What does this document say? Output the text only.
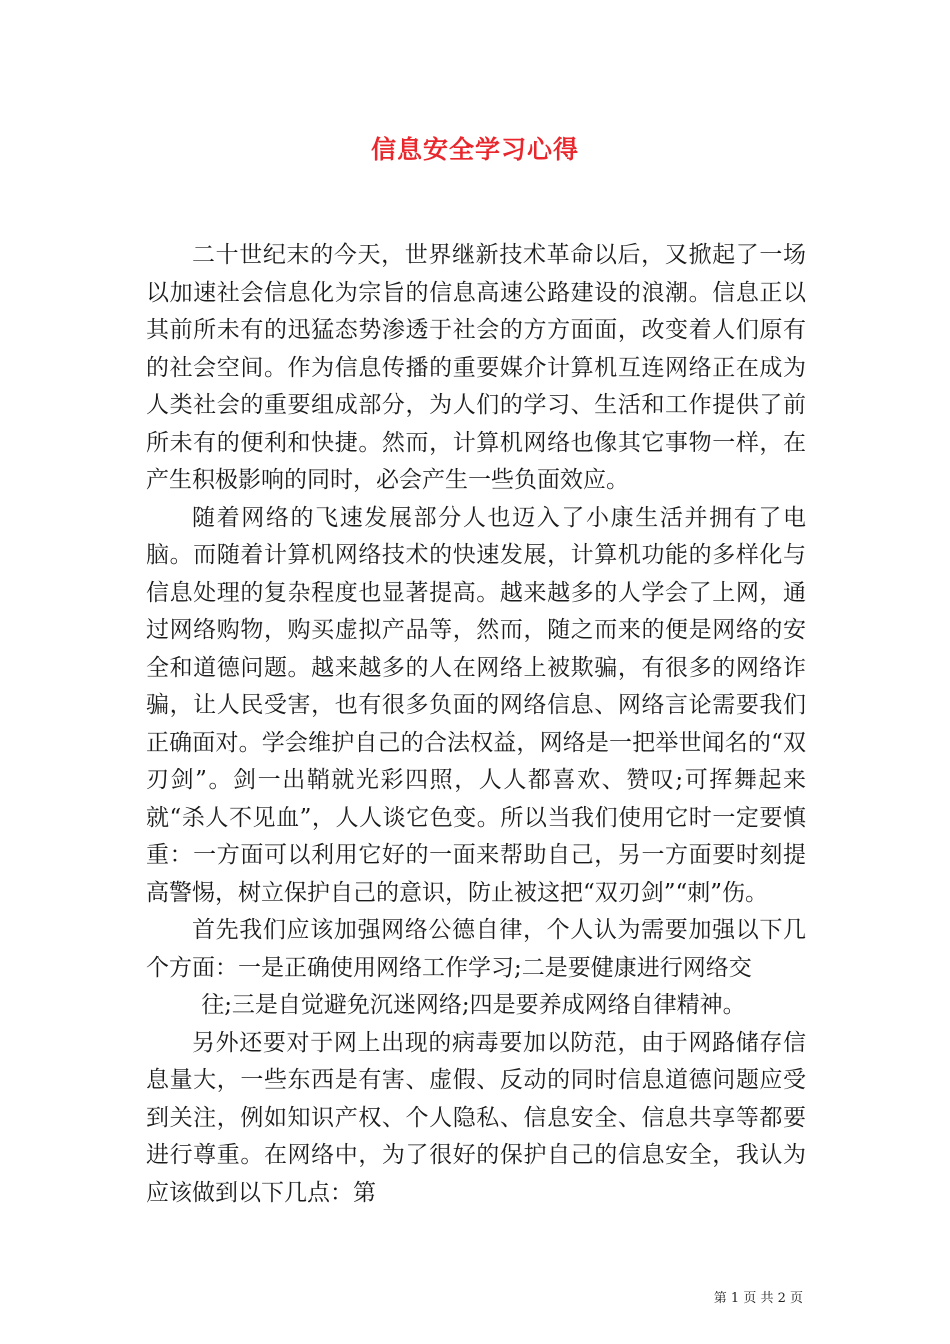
信息安全学习心得

二十世纪末的今天，世界继新技术革命以后，又掀起了一场以加速社会信息化为宗旨的信息高速公路建设的浪潮。信息正以其前所未有的迅猛态势渗透于社会的方方面面，改变着人们原有的社会空间。作为信息传播的重要媒介计算机互连网络正在成为人类社会的重要组成部分，为人们的学习、生活和工作提供了前所未有的便利和快捷。然而，计算机网络也像其它事物一样，在产生积极影响的同时，必会产生一些负面效应。

随着网络的飞速发展部分人也迈入了小康生活并拥有了电脑。而随着计算机网络技术的快速发展，计算机功能的多样化与信息处理的复杂程度也显著提高。越来越多的人学会了上网，通过网络购物，购买虚拟产品等，然而，随之而来的便是网络的安全和道德问题。越来越多的人在网络上被欺骗，有很多的网络诈骗，让人民受害，也有很多负面的网络信息、网络言论需要我们正确面对。学会维护自己的合法权益，网络是一把举世闻名的“双刃剑”。剑一出鞘就光彩四照，人人都喜欢、赞叹;可挥舞起来就“杀人不见血”，人人谈它色变。所以当我们使用它时一定要慎重：一方面可以利用它好的一面来帮助自己，另一方面要时刻提高警惕，树立保护自己的意识，防止被这把“双刃剑”“刺”伤。

首先我们应该加强网络公德自律，个人认为需要加强以下几个方面：一是正确使用网络工作学习;二是要健康进行网络交

往;三是自觉避免沉迷网络;四是要养成网络自律精神。

另外还要对于网上出现的病毒要加以防范，由于网路储存信息量大，一些东西是有害、虚假、反动的同时信息道德问题应受到关注，例如知识产权、个人隐私、信息安全、信息共享等都要进行尊重。在网络中，为了很好的保护自己的信息安全，我认为应该做到以下几点：第

第 1 页 共 2 页
